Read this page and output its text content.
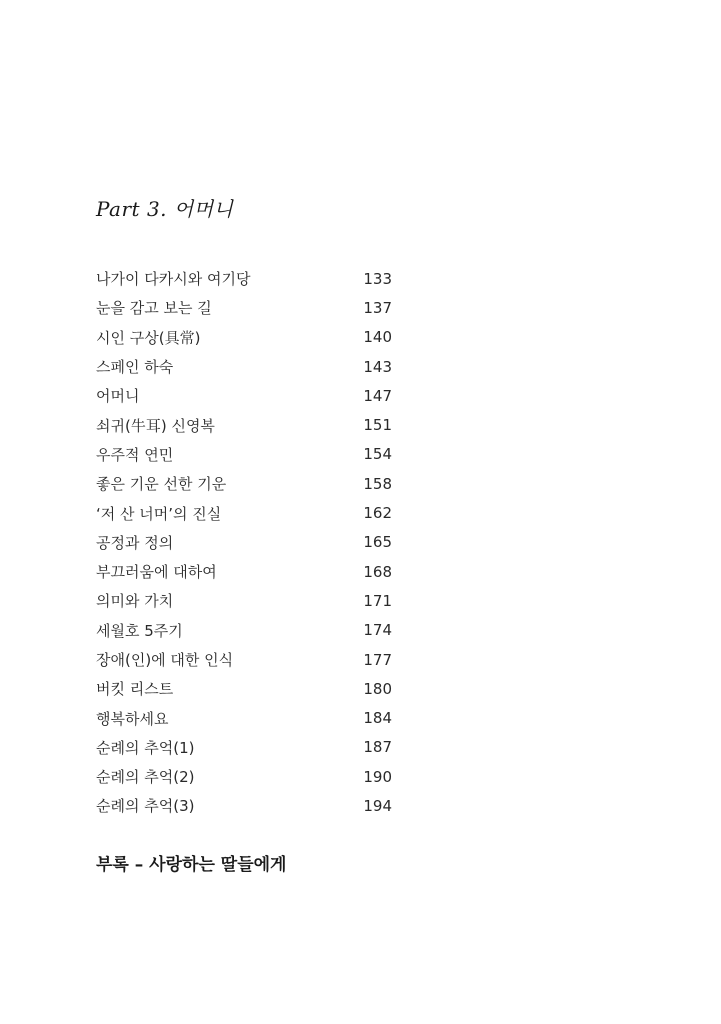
Part 3. 어머니
나가이 다카시와 여기당	133
눈을 감고 보는 길	137
시인 구상(具常)	140
스페인 하숙	143
어머니	147
쇠귀(牛耳) 신영복	151
우주적 연민	154
좋은 기운 선한 기운	158
‘저 산 너머’의 진실	162
공정과 정의	165
부끄러움에 대하여	168
의미와 가치	171
세월호 5주기	174
장애(인)에 대한 인식	177
버킷 리스트	180
행복하세요	184
순례의 추억(1)	187
순례의 추억(2)	190
순례의 추억(3)	194
부록 – 사랑하는 딸들에게
